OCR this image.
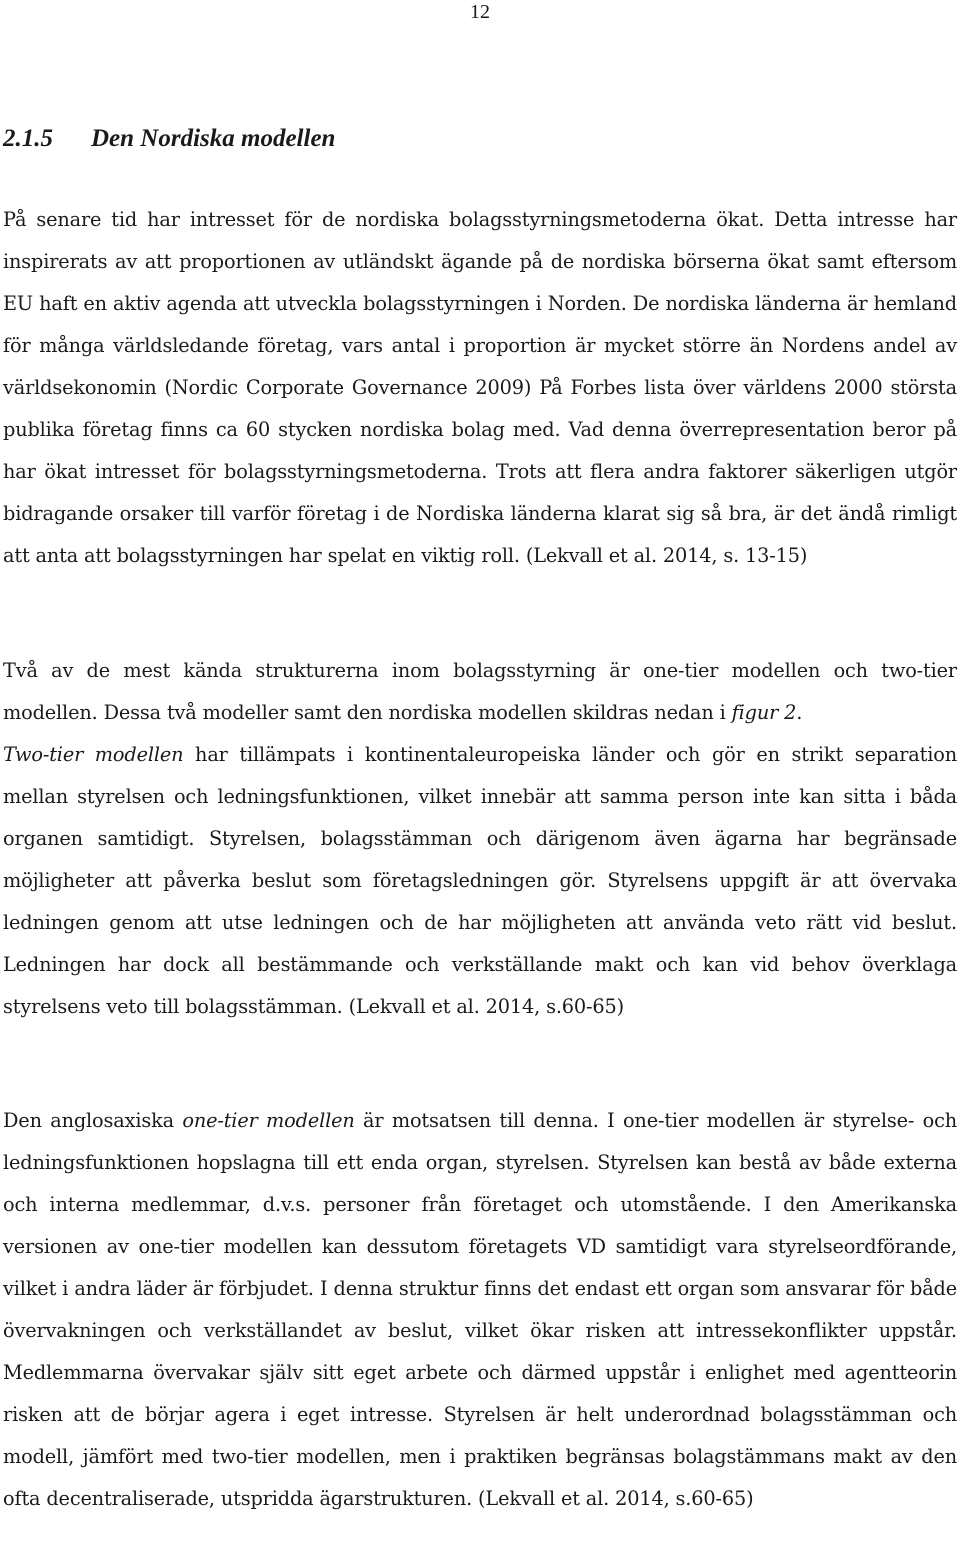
12
2.1.5 Den Nordiska modellen

På senare tid har intresset för de nordiska bolagsstyrningsmetoderna ökat. Detta intresse har inspirerats av att proportionen av utländskt ägande på de nordiska börserna ökat samt eftersom EU haft en aktiv agenda att utveckla bolagsstyrningen i Norden. De nordiska länderna är hemland för många världsledande företag, vars antal i proportion är mycket större än Nordens andel av världsekonomin (Nordic Corporate Governance 2009) På Forbes lista över världens 2000 största publika företag finns ca 60 stycken nordiska bolag med. Vad denna överrepresentation beror på har ökat intresset för bolagsstyrningsmetoderna. Trots att flera andra faktorer säkerligen utgör bidragande orsaker till varför företag i de Nordiska länderna klarat sig så bra, är det ändå rimligt att anta att bolagsstyrningen har spelat en viktig roll. (Lekvall et al. 2014, s. 13-15)

Två av de mest kända strukturerna inom bolagsstyrning är one-tier modellen och two-tier modellen. Dessa två modeller samt den nordiska modellen skildras nedan i figur 2.
Two-tier modellen har tillämpats i kontinentaleuropeiska länder och gör en strikt separation mellan styrelsen och ledningsfunktionen, vilket innebär att samma person inte kan sitta i båda organen samtidigt. Styrelsen, bolagsstämman och därigenom även ägarna har begränsade möjligheter att påverka beslut som företagsledningen gör. Styrelsens uppgift är att övervaka ledningen genom att utse ledningen och de har möjligheten att använda veto rätt vid beslut. Ledningen har dock all bestämmande och verkställande makt och kan vid behov överklaga styrelsens veto till bolagsstämman. (Lekvall et al. 2014, s.60-65)

Den anglosaxiska one-tier modellen är motsatsen till denna. I one-tier modellen är styrelse- och ledningsfunktionen hopslagna till ett enda organ, styrelsen. Styrelsen kan bestå av både externa och interna medlemmar, d.v.s. personer från företaget och utomstående. I den Amerikanska versionen av one-tier modellen kan dessutom företagets VD samtidigt vara styrelseordförande, vilket i andra läder är förbjudet. I denna struktur finns det endast ett organ som ansvarar för både övervakningen och verkställandet av beslut, vilket ökar risken att intressekonflikter uppstår. Medlemmarna övervakar själv sitt eget arbete och därmed uppstår i enlighet med agentteorin risken att de börjar agera i eget intresse. Styrelsen är helt underordnad bolagsstämman och modell, jämfört med two-tier modellen, men i praktiken begränsas bolagstämmans makt av den ofta decentraliserade, utspridda ägarstrukturen. (Lekvall et al. 2014, s.60-65)
